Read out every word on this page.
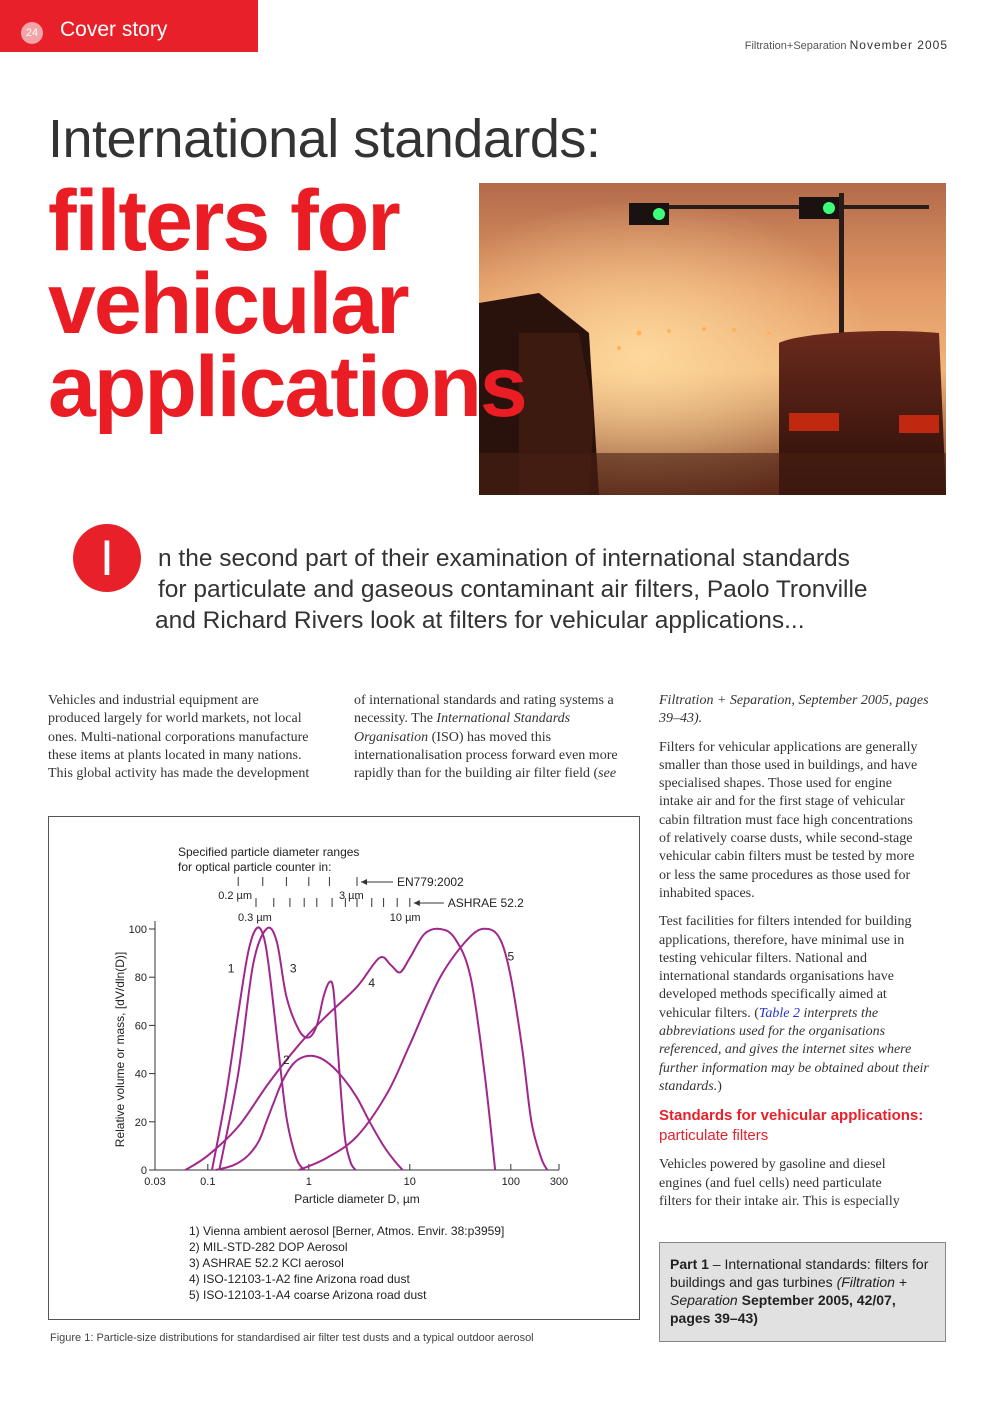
24 Cover story
Filtration+Separation November 2005
International standards:
filters for
vehicular
applications
I	n the second part of their examination of international standards
for particulate and gaseous contaminant air filters, Paolo Tronville
and Richard Rivers look at filters for vehicular applications...

Vehicles and industrial equipment are
produced largely for world markets, not local
ones. Multi-national corporations manufacture
these items at plants located in many nations.
This global activity has made the development

of international standards and rating systems a
necessity. The International Standards
Organisation (ISO) has moved this
internationalisation process forward even more
rapidly than for the building air filter field (see

Filtration + Separation, September 2005, pages
39–43).

Filters for vehicular applications are generally
smaller than those used in buildings, and have
specialised shapes. Those used for engine
intake air and for the first stage of vehicular
cabin filtration must face high concentrations
of relatively coarse dusts, while second-stage
vehicular cabin filters must be tested by more
or less the same procedures as those used for
inhabited spaces.

Test facilities for filters intended for building
applications, therefore, have minimal use in
testing vehicular filters. National and
international standards organisations have
developed methods specifically aimed at
vehicular filters. (Table 2 interprets the
abbreviations used for the organisations
referenced, and gives the internet sites where
further information may be obtained about their
standards.)

Standards for vehicular applications:
particulate filters

Vehicles powered by gasoline and diesel
engines (and fuel cells) need particulate
filters for their intake air. This is especially

Part 1 – International standards: filters for buildings and gas turbines (Filtration + Separation September 2005, 42/07, pages 39–43)
0
20
40
60
80
100
0.03	0.1	1	10	100	300
1
2
3
4
5
Specified particle diameter ranges
for optical particle counter in:
EN779:2002
ASHRAE 52.2
0.2 µm	3 µm
0.3 µm	10 µm
Particle diameter D, µm
Relative volume or mass, [dV/dln(D)]
1) Vienna ambient aerosol [Berner, Atmos. Envir. 38:p3959]
2) MIL-STD-282 DOP Aerosol
3) ASHRAE 52.2 KCl aerosol
4) ISO-12103-1-A2 fine Arizona road dust
5) ISO-12103-1-A4 coarse Arizona road dust
Figure 1: Particle-size distributions for standardised air filter test dusts and a typical outdoor aerosol
